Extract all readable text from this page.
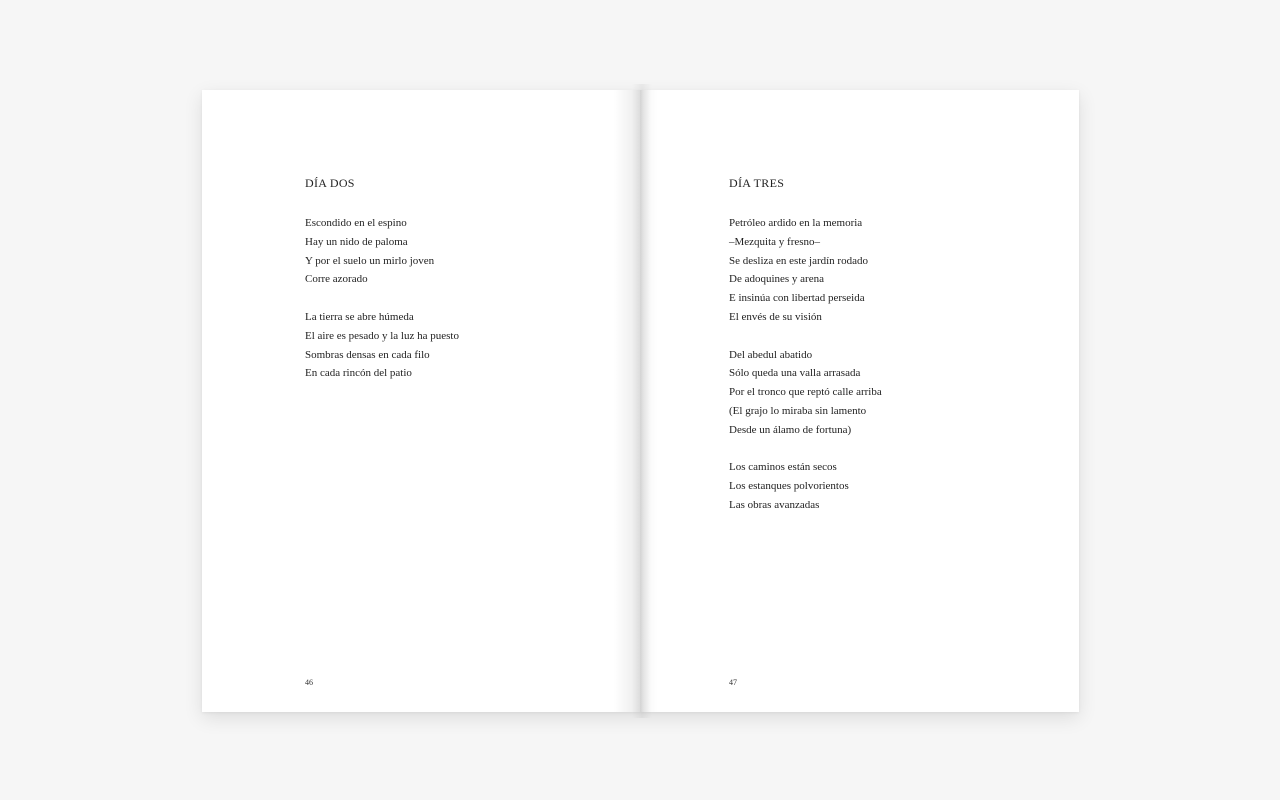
DÍA DOS

Escondido en el espino
Hay un nido de paloma
Y por el suelo un mirlo joven
Corre azorado

La tierra se abre húmeda
El aire es pesado y la luz ha puesto
Sombras densas en cada filo
En cada rincón del patio

46
DÍA TRES

Petróleo ardido en la memoria
–Mezquita y fresno–
Se desliza en este jardín rodado
De adoquines y arena
E insinúa con libertad perseida
El envés de su visión

Del abedul abatido
Sólo queda una valla arrasada
Por el tronco que reptó calle arriba
(El grajo lo miraba sin lamento
Desde un álamo de fortuna)

Los caminos están secos
Los estanques polvorientos
Las obras avanzadas

47
